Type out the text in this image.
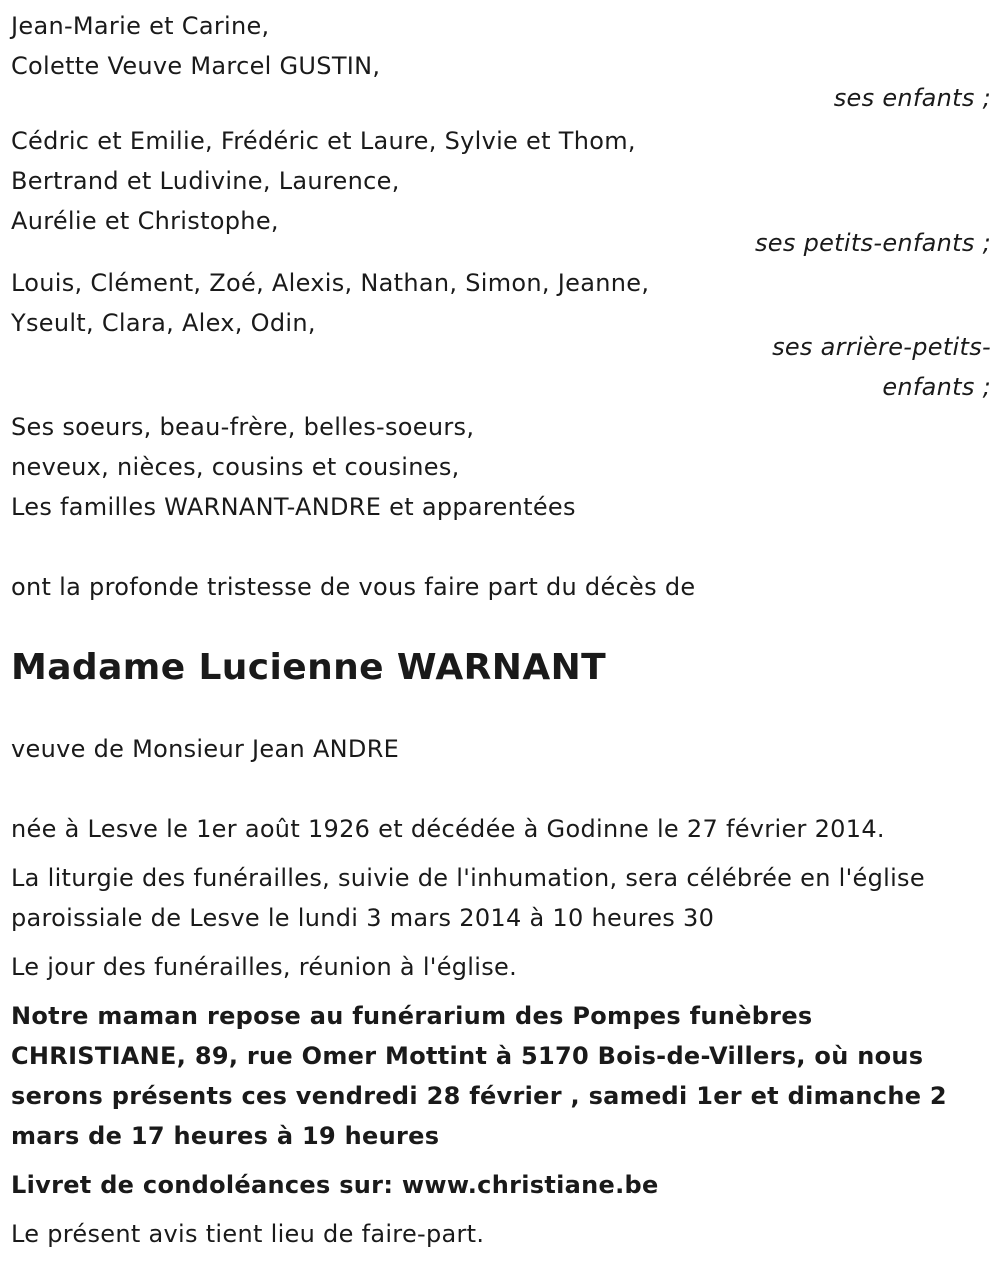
Jean-Marie et Carine,
Colette Veuve Marcel GUSTIN,
ses enfants ;
Cédric et Emilie, Frédéric et Laure, Sylvie et Thom,
Bertrand et Ludivine, Laurence,
Aurélie et Christophe,
ses petits-enfants ;
Louis, Clément, Zoé, Alexis, Nathan, Simon, Jeanne,
Yseult, Clara, Alex, Odin,
ses arrière-petits-
enfants ;
Ses soeurs, beau-frère, belles-soeurs,
neveux, nièces, cousins et cousines,
Les familles WARNANT-ANDRE et apparentées
ont la profonde tristesse de vous faire part du décès de
Madame Lucienne WARNANT
veuve de Monsieur Jean ANDRE
née à Lesve le 1er août 1926 et décédée à Godinne le 27 février 2014.
La liturgie des funérailles, suivie de l'inhumation, sera célébrée en l'église
paroissiale de Lesve le lundi 3 mars 2014 à 10 heures 30
Le jour des funérailles, réunion à l'église.
Notre maman repose au funérarium des Pompes funèbres
CHRISTIANE, 89, rue Omer Mottint à 5170 Bois-de-Villers, où nous
serons présents ces vendredi 28 février , samedi 1er et dimanche 2
mars de 17 heures à 19 heures
Livret de condoléances sur: www.christiane.be
Le présent avis tient lieu de faire-part.
